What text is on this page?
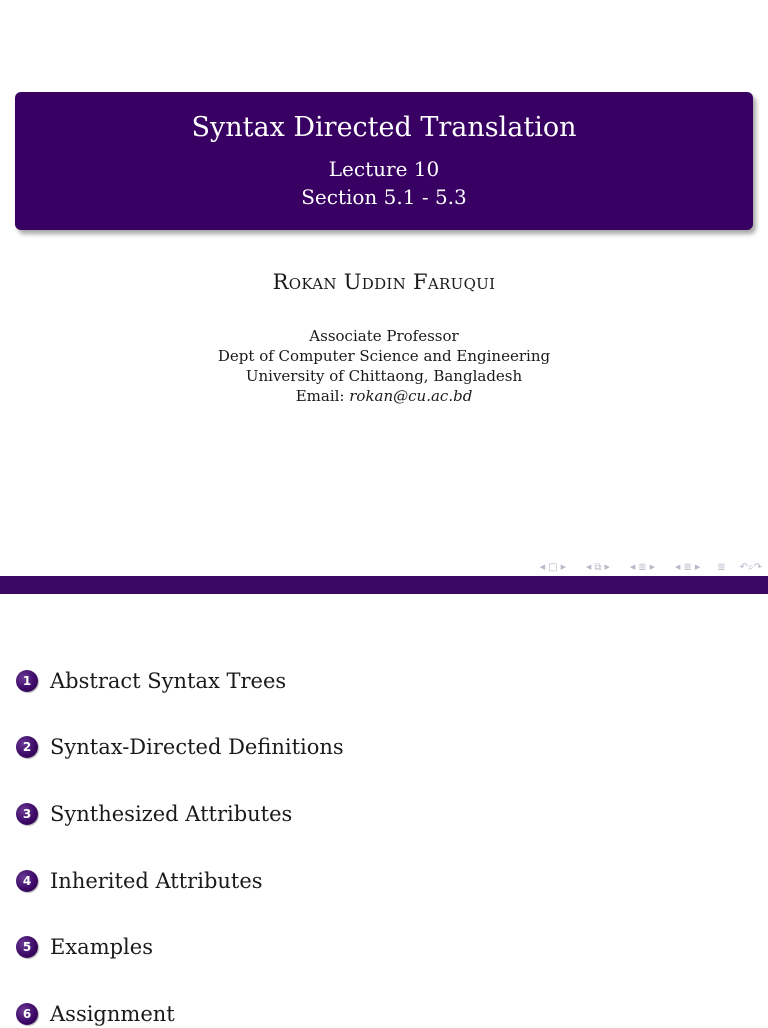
Syntax Directed Translation
Lecture 10
Section 5.1 - 5.3
Rokan Uddin Faruqui
Associate Professor
Dept of Computer Science and Engineering
University of Chittaong, Bangladesh
Email: rokan@cu.ac.bd
◀ □ ▶	◀ ⧉ ▶	◀ ≣ ▶	◀ ≣ ▶ ≣ ↶ ⌕ ↷
1 Abstract Syntax Trees
2 Syntax-Directed Definitions
3 Synthesized Attributes
4 Inherited Attributes
5 Examples
6 Assignment
